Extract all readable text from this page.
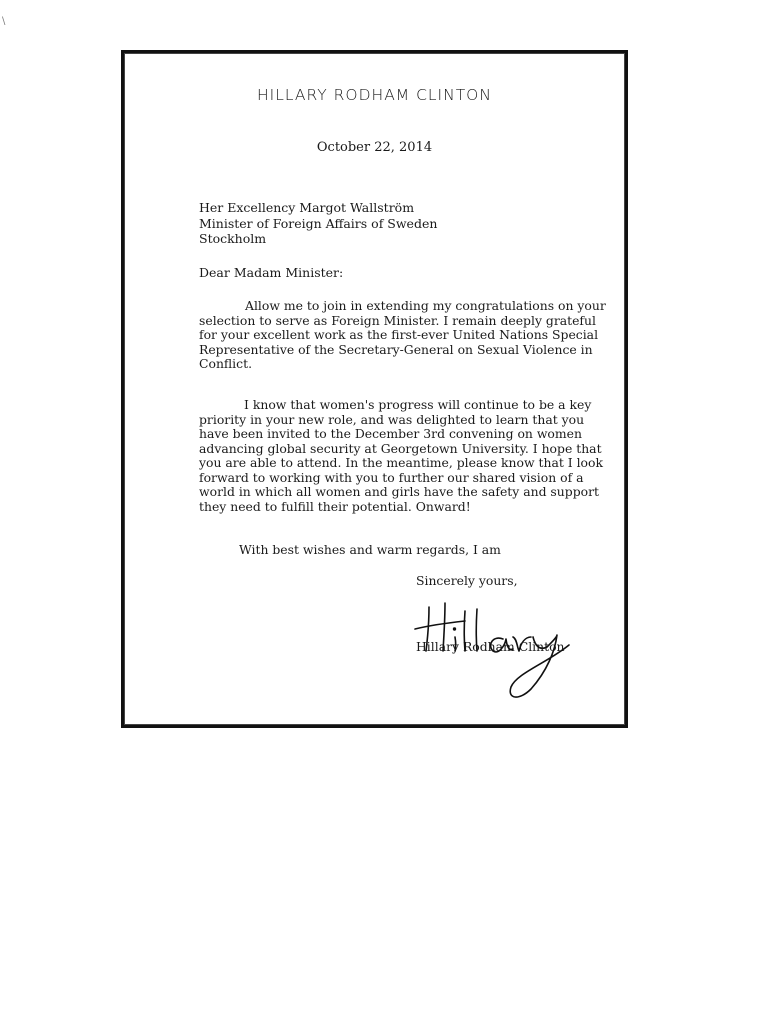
\
HILLARY RODHAM CLINTON
October 22, 2014
Her Excellency Margot Wallström
Minister of Foreign Affairs of Sweden
Stockholm
Dear Madam Minister:
Allow me to join in extending my congratulations on your
selection to serve as Foreign Minister. I remain deeply grateful
for your excellent work as the first-ever United Nations Special
Representative of the Secretary-General on Sexual Violence in
Conflict.
I know that women's progress will continue to be a key
priority in your new role, and was delighted to learn that you
have been invited to the December 3rd convening on women
advancing global security at Georgetown University. I hope that
you are able to attend. In the meantime, please know that I look
forward to working with you to further our shared vision of a
world in which all women and girls have the safety and support
they need to fulfill their potential. Onward!
With best wishes and warm regards, I am
Sincerely yours,
Hillary Rodham Clinton
